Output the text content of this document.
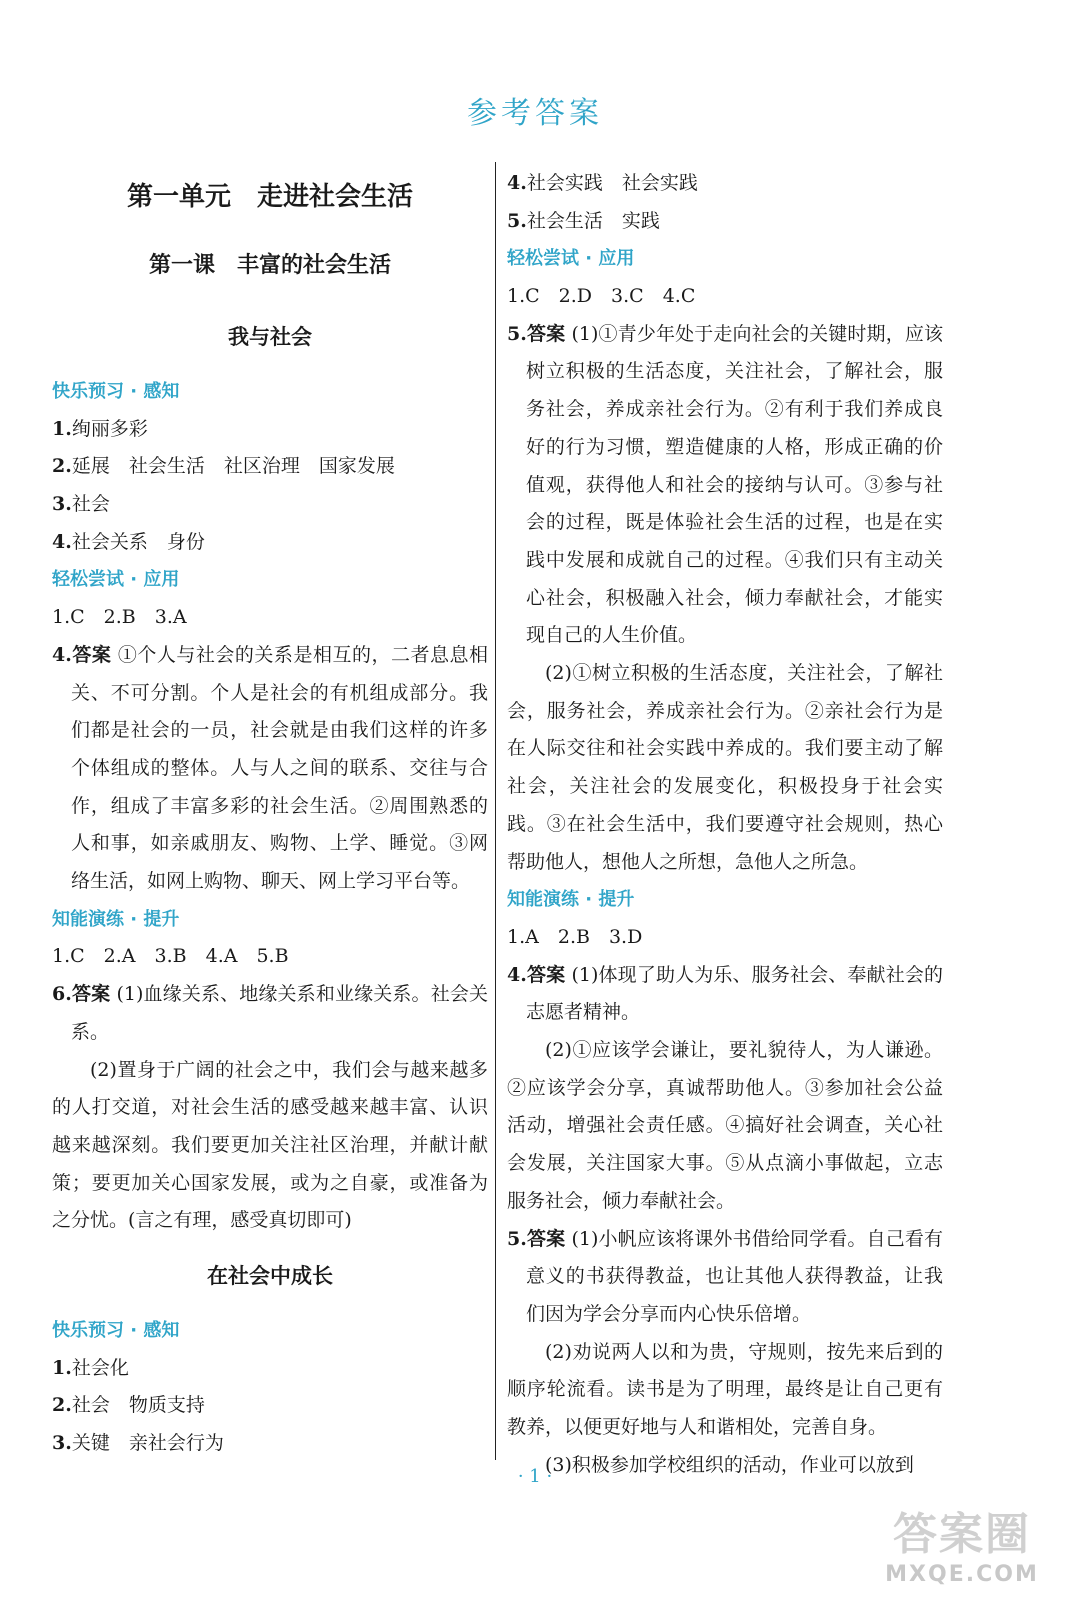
参考答案
第一单元　走进社会生活
第一课　丰富的社会生活
我与社会
快乐预习 · 感知
1.绚丽多彩
2.延展　社会生活　社区治理　国家发展
3.社会
4.社会关系　身份
轻松尝试 · 应用
1.C　2.B　3.A
4.答案 ①个人与社会的关系是相互的，二者息息相关、不可分割。个人是社会的有机组成部分。我们都是社会的一员，社会就是由我们这样的许多个体组成的整体。人与人之间的联系、交往与合作，组成了丰富多彩的社会生活。②周围熟悉的人和事，如亲戚朋友、购物、上学、睡觉。③网络生活，如网上购物、聊天、网上学习平台等。
知能演练 · 提升
1.C　2.A　3.B　4.A　5.B
6.答案 (1)血缘关系、地缘关系和业缘关系。社会关系。
(2)置身于广阔的社会之中，我们会与越来越多的人打交道，对社会生活的感受越来越丰富、认识越来越深刻。我们要更加关注社区治理，并献计献策；要更加关心国家发展，或为之自豪，或准备为之分忧。(言之有理，感受真切即可)
在社会中成长
快乐预习 · 感知
1.社会化
2.社会　物质支持
3.关键　亲社会行为
4.社会实践　社会实践
5.社会生活　实践
轻松尝试 · 应用
1.C　2.D　3.C　4.C
5.答案 (1)①青少年处于走向社会的关键时期，应该树立积极的生活态度，关注社会，了解社会，服务社会，养成亲社会行为。②有利于我们养成良好的行为习惯，塑造健康的人格，形成正确的价值观，获得他人和社会的接纳与认可。③参与社会的过程，既是体验社会生活的过程，也是在实践中发展和成就自己的过程。④我们只有主动关心社会，积极融入社会，倾力奉献社会，才能实现自己的人生价值。
(2)①树立积极的生活态度，关注社会，了解社会，服务社会，养成亲社会行为。②亲社会行为是在人际交往和社会实践中养成的。我们要主动了解社会，关注社会的发展变化，积极投身于社会实践。③在社会生活中，我们要遵守社会规则，热心帮助他人，想他人之所想，急他人之所急。
知能演练 · 提升
1.A　2.B　3.D
4.答案 (1)体现了助人为乐、服务社会、奉献社会的志愿者精神。
(2)①应该学会谦让，要礼貌待人，为人谦逊。②应该学会分享，真诚帮助他人。③参加社会公益活动，增强社会责任感。④搞好社会调查，关心社会发展，关注国家大事。⑤从点滴小事做起，立志服务社会，倾力奉献社会。
5.答案 (1)小帆应该将课外书借给同学看。自己看有意义的书获得教益，也让其他人获得教益，让我们因为学会分享而内心快乐倍增。
(2)劝说两人以和为贵，守规则，按先来后到的顺序轮流看。读书是为了明理，最终是让自己更有教养，以便更好地与人和谐相处，完善自身。
(3)积极参加学校组织的活动，作业可以放到
· 1 ·
答案圈
MXQE.COM
